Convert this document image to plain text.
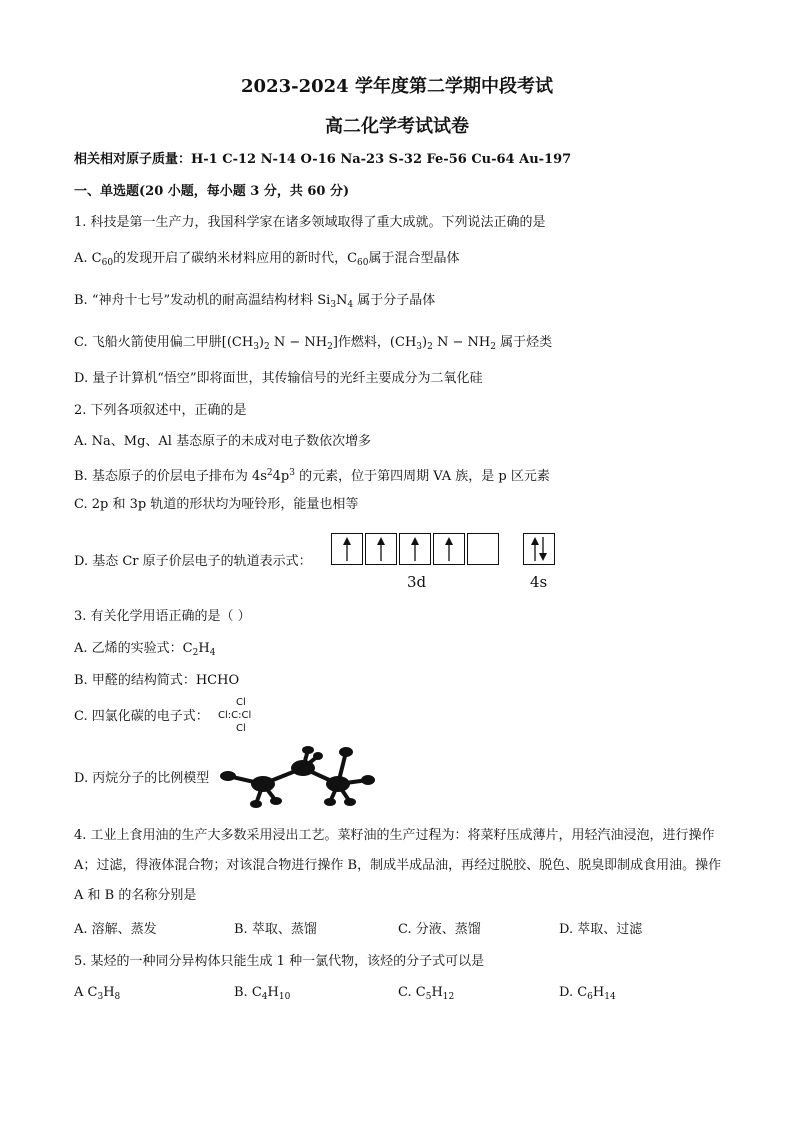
2023-2024 学年度第二学期中段考试
高二化学考试试卷
相关相对原子质量：H-1 C-12 N-14 O-16 Na-23 S-32 Fe-56 Cu-64 Au-197
一、单选题(20 小题，每小题 3 分，共 60 分)
1. 科技是第一生产力，我国科学家在诸多领域取得了重大成就。下列说法正确的是
A. $C_{60}$的发现开启了碳纳米材料应用的新时代，$C_{60}$属于混合型晶体
B. “神舟十七号”发动机的耐高温结构材料 $Si_3N_4$ 属于分子晶体
C. 飞船火箭使用偏二甲肼[$(CH_3)_2$ $N - NH_2$]作燃料，$(CH_3)_2$ $N - NH_2$ 属于烃类
D. 量子计算机“悟空”即将面世，其传输信号的光纤主要成分为二氧化硅
2. 下列各项叙述中，正确的是
A. Na、Mg、Al 基态原子的未成对电子数依次增多
B. 基态原子的价层电子排布为 $4s^24p^3$ 的元素，位于第四周期 VA 族，是 p 区元素
C. 2p 和 3p 轨道的形状均为哑铃形，能量也相等
D. 基态 Cr 原子价层电子的轨道表示式：
3d	4s
3. 有关化学用语正确的是（ ）
A. 乙烯的实验式：$C_2H_4$
B. 甲醛的结构简式：HCHO
C. 四氯化碳的电子式：
Cl
Cl:C:Cl
Cl
D. 丙烷分子的比例模型
4. 工业上食用油的生产大多数采用浸出工艺。菜籽油的生产过程为：将菜籽压成薄片，用轻汽油浸泡，进行操作 A；过滤，得液体混合物；对该混合物进行操作 B，制成半成品油，再经过脱胶、脱色、脱臭即制成食用油。操作 A 和 B 的名称分别是
A. 溶解、蒸发	B. 萃取、蒸馏	C. 分液、蒸馏	D. 萃取、过滤
5. 某烃的一种同分异构体只能生成 1 种一氯代物，该烃的分子式可以是
A $C_3H_8$	B. $C_4H_{10}$	C. $C_5H_{12}$	D. $C_6H_{14}$
